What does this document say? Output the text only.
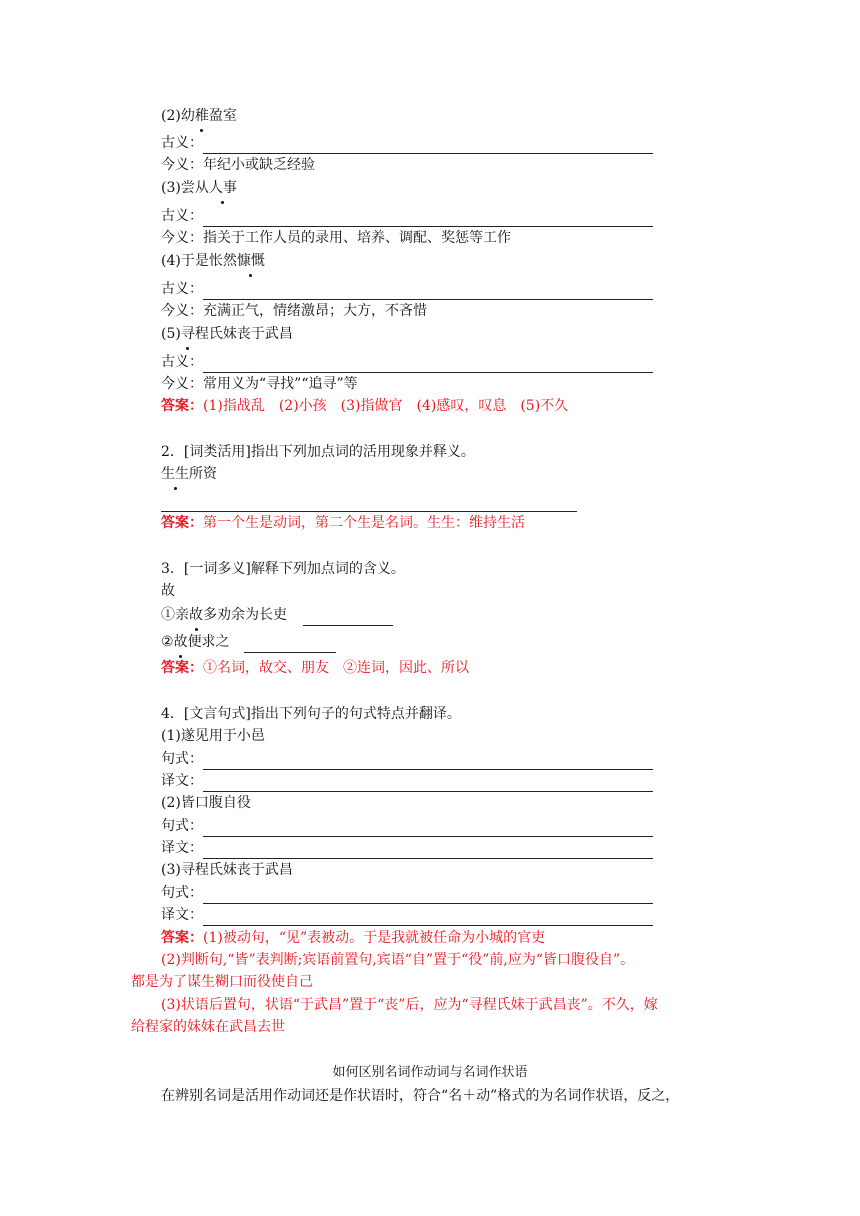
(2)幼稚盈室
古义：
今义：年纪小或缺乏经验
(3)尝从人事
古义：
今义：指关于工作人员的录用、培养、调配、奖惩等工作
(4)于是怅然慷慨
古义：
今义：充满正气，情绪激昂；大方，不吝惜
(5)寻程氏妹丧于武昌
古义：
今义：常用义为“寻找”“追寻”等
答案：(1)指战乱　(2)小孩　(3)指做官　(4)感叹，叹息　(5)不久
2．[词类活用]指出下列加点词的活用现象并释义。
生生所资
答案：第一个生是动词，第二个生是名词。生生：维持生活
3．[一词多义]解释下列加点词的含义。
故
①亲故多劝余为长吏
②故便求之
答案：①名词，故交、朋友　②连词，因此、所以
4．[文言句式]指出下列句子的句式特点并翻译。
(1)遂见用于小邑
句式：
译文：
(2)皆口腹自役
句式：
译文：
(3)寻程氏妹丧于武昌
句式：
译文：
答案：(1)被动句，“见”表被动。于是我就被任命为小城的官吏
(2)判断句,“皆”表判断;宾语前置句,宾语“自”置于“役”前,应为“皆口腹役自”。
都是为了谋生糊口而役使自己
(3)状语后置句，状语“于武昌”置于“丧”后，应为“寻程氏妹于武昌丧”。不久，嫁
给程家的妹妹在武昌去世
如何区别名词作动词与名词作状语
在辨别名词是活用作动词还是作状语时，符合“名＋动”格式的为名词作状语，反之，
